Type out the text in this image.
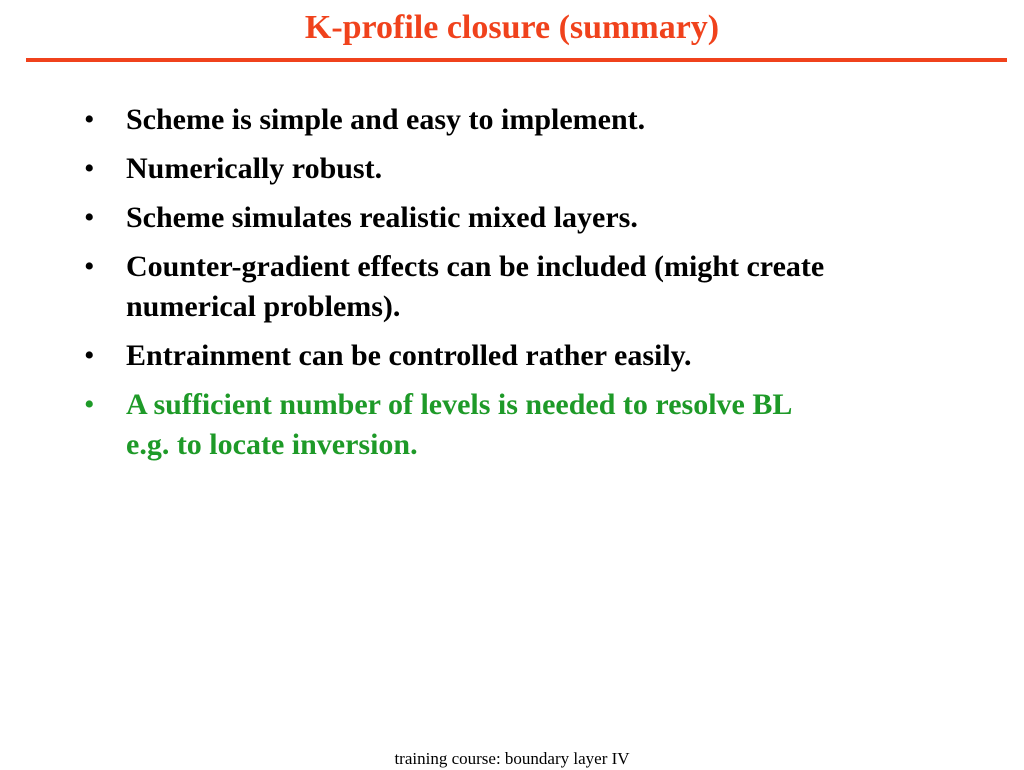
K-profile closure (summary)
•	Scheme is simple and easy to implement.
•	Numerically robust.
•	Scheme simulates realistic mixed layers.
•	Counter-gradient effects can be included (might create
numerical problems).
•	Entrainment can be controlled rather easily.
•	A sufficient number of levels is needed to resolve BL
e.g. to locate inversion.
training course: boundary layer IV
